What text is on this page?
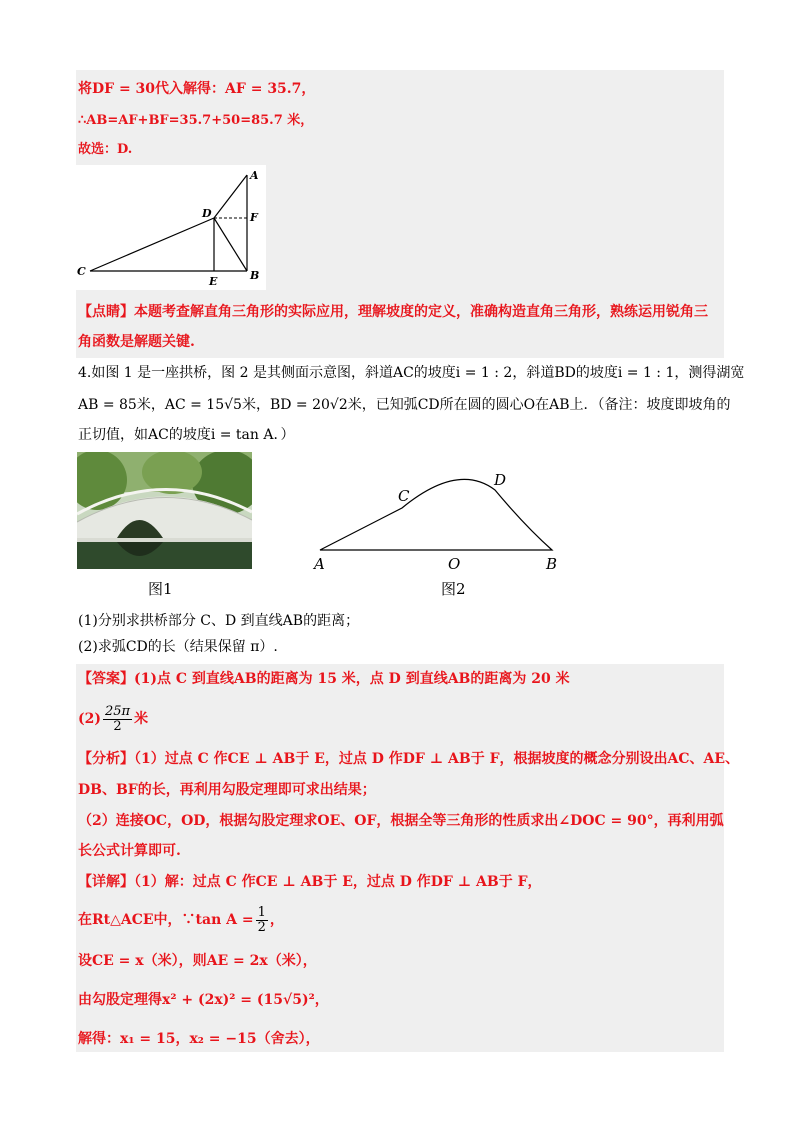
将DF = 30代入解得：AF = 35.7，
∴AB=AF+BF=35.7+50=85.7 米，
故选：D.
A
D	F
C
E	B
【点睛】本题考查解直角三角形的实际应用，理解坡度的定义，准确构造直角三角形，熟练运用锐角三
角函数是解题关键.
4.如图 1 是一座拱桥，图 2 是其侧面示意图，斜道AC的坡度i = 1 : 2，斜道BD的坡度i = 1 : 1，测得湖宽
AB = 85米，AC = 15√5米，BD = 20√2米，已知弧CD所在圆的圆心O在AB上．（备注：坡度即坡角的
正切值，如AC的坡度i = tan A．）
图1
C
D
A	O	B
图2
(1)分别求拱桥部分 C、D 到直线AB的距离；
(2)求弧CD的长（结果保留 π）.
【答案】(1)点 C 到直线AB的距离为 15 米，点 D 到直线AB的距离为 20 米
$(2) \frac{25\pi}{2}$ 米
【分析】（1）过点 C 作CE ⊥ AB于 E，过点 D 作DF ⊥ AB于 F，根据坡度的概念分别设出AC、AE、
DB、BF的长，再利用勾股定理即可求出结果；
（2）连接OC，OD，根据勾股定理求OE、OF，根据全等三角形的性质求出∠DOC = 90°，再利用弧
长公式计算即可.
【详解】（1）解：过点 C 作CE ⊥ AB于 E，过点 D 作DF ⊥ AB于 F，
在Rt△ACE中，∵tan $A = \frac{1}{2}$ ，
设CE = x（米），则AE = 2x（米），
由勾股定理得x² + (2x)² = (15√5)²，
解得：x₁ = 15，x₂ = −15（舍去），
